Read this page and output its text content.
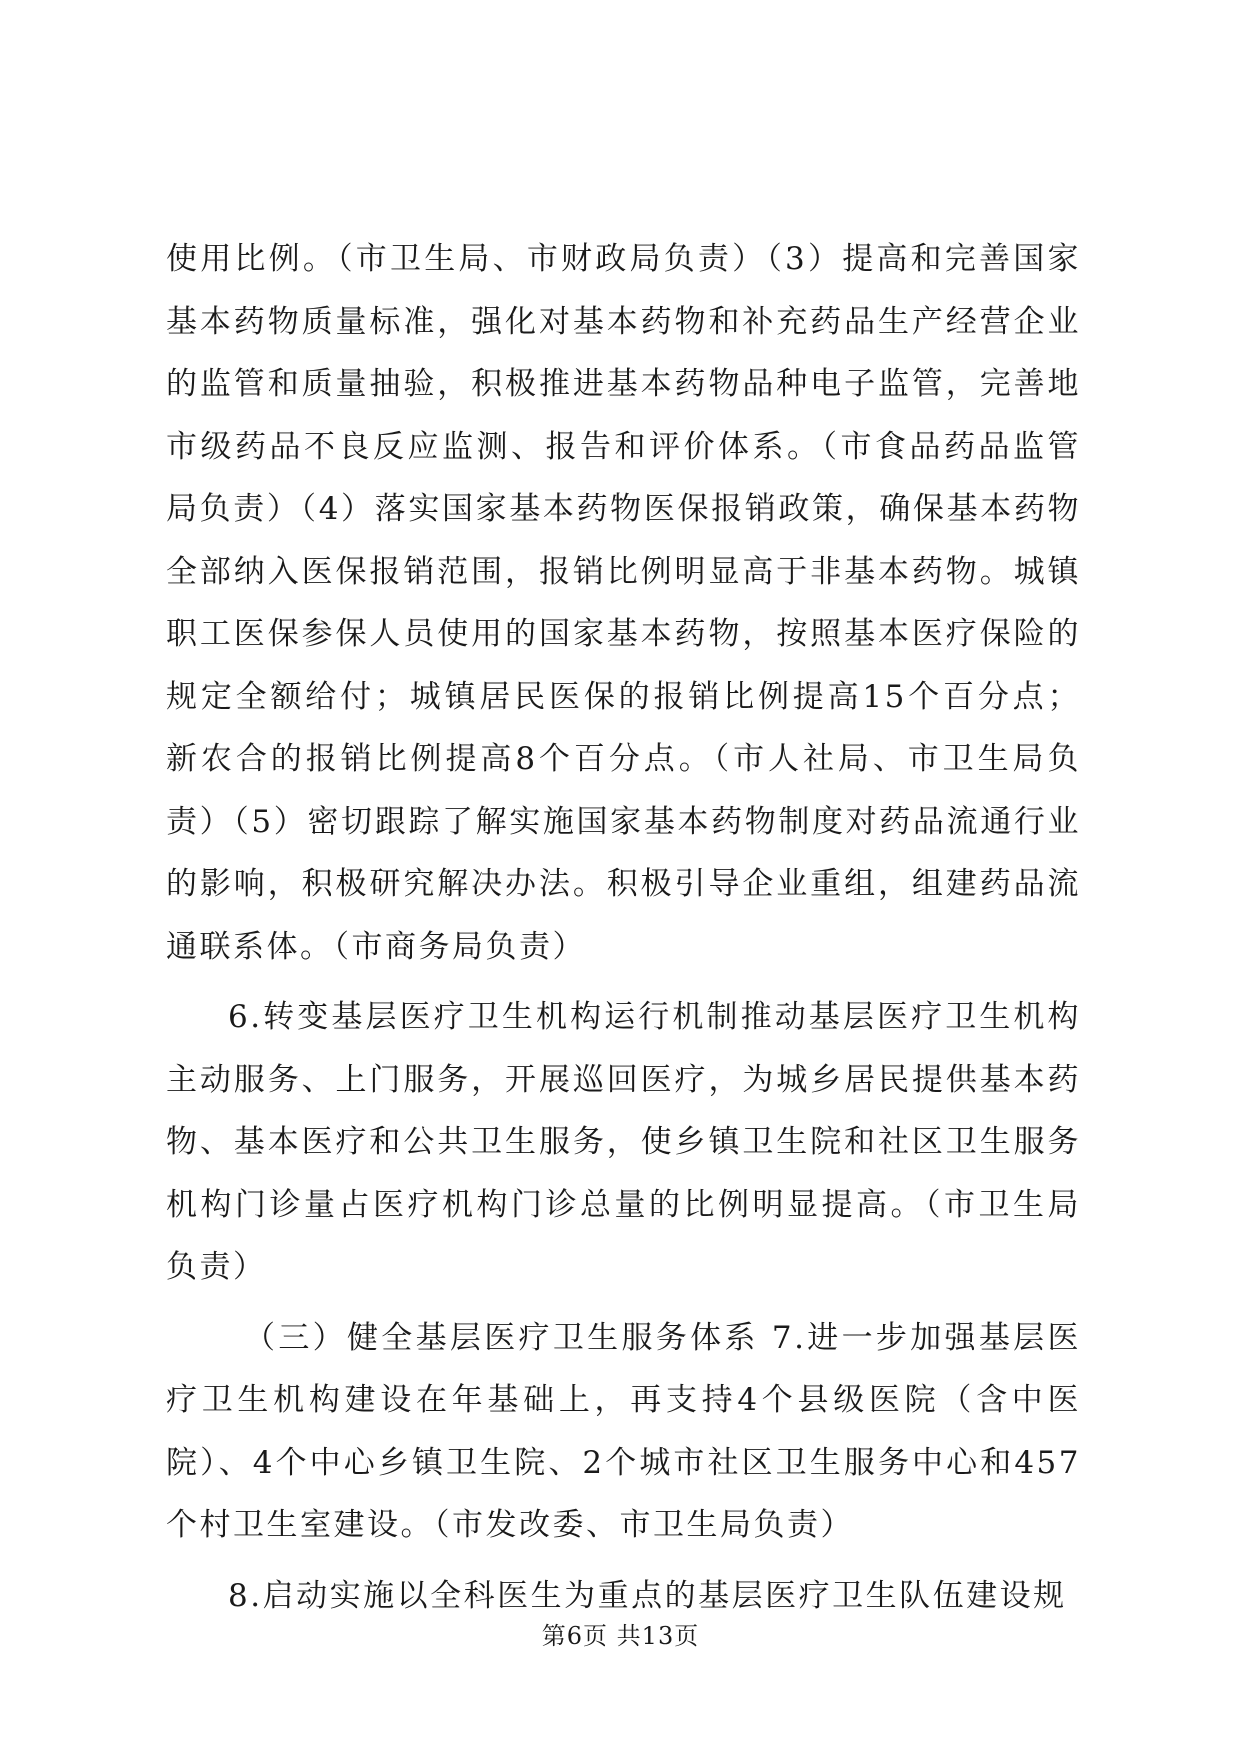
使用比例。（市卫生局、市财政局负责）（3）提高和完善国家基本药物质量标准，强化对基本药物和补充药品生产经营企业的监管和质量抽验，积极推进基本药物品种电子监管，完善地市级药品不良反应监测、报告和评价体系。（市食品药品监管局负责）（4）落实国家基本药物医保报销政策，确保基本药物全部纳入医保报销范围，报销比例明显高于非基本药物。城镇职工医保参保人员使用的国家基本药物，按照基本医疗保险的规定全额给付；城镇居民医保的报销比例提高15个百分点；新农合的报销比例提高8个百分点。（市人社局、市卫生局负责）（5）密切跟踪了解实施国家基本药物制度对药品流通行业的影响，积极研究解决办法。积极引导企业重组，组建药品流通联系体。（市商务局负责）

6.转变基层医疗卫生机构运行机制推动基层医疗卫生机构主动服务、上门服务，开展巡回医疗，为城乡居民提供基本药物、基本医疗和公共卫生服务，使乡镇卫生院和社区卫生服务机构门诊量占医疗机构门诊总量的比例明显提高。（市卫生局负责）

（三）健全基层医疗卫生服务体系 7.进一步加强基层医疗卫生机构建设在年基础上，再支持4个县级医院（含中医院）、4个中心乡镇卫生院、2个城市社区卫生服务中心和457个村卫生室建设。（市发改委、市卫生局负责）

8.启动实施以全科医生为重点的基层医疗卫生队伍建设规

第6页 共13页
